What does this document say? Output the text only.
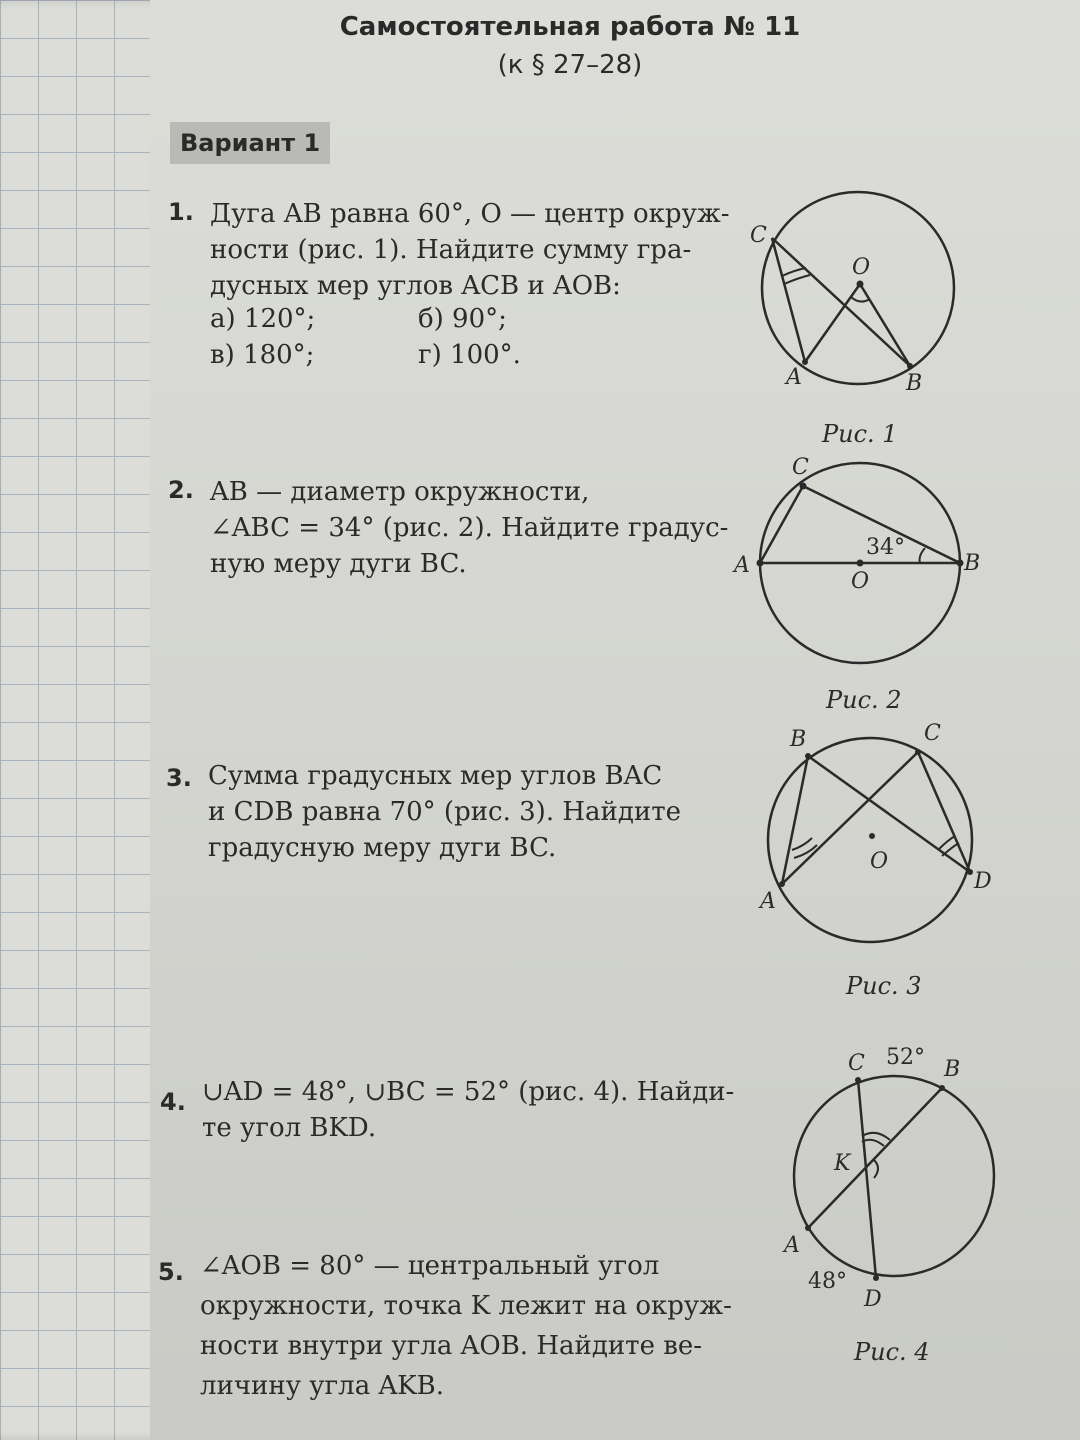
Самостоятельная работа № 11
(к § 27–28)
Вариант 1
1. Дуга AB равна 60°, O — центр окруж-
ности (рис. 1). Найдите сумму гра-
дусных мер углов ACB и AOB:
а) 120°;	б) 90°;
в) 180°;	г) 100°.
2. AB — диаметр окружности,
∠ABC = 34° (рис. 2). Найдите градус-
ную меру дуги BC.
3. Сумма градусных мер углов BAC
и CDB равна 70° (рис. 3). Найдите
градусную меру дуги BC.
4. ∪AD = 48°, ∪BC = 52° (рис. 4). Найди-
те угол BKD.
5. ∠AOB = 80° — центральный угол
окружности, точка K лежит на окруж-
ности внутри угла AOB. Найдите ве-
личину угла AKB.
C
O
A	B
Рис. 1
C
A	B
O
34°
Рис. 2
B	C
O
A
D
Рис. 3
C 52° B
K
A
48°
D
Рис. 4
